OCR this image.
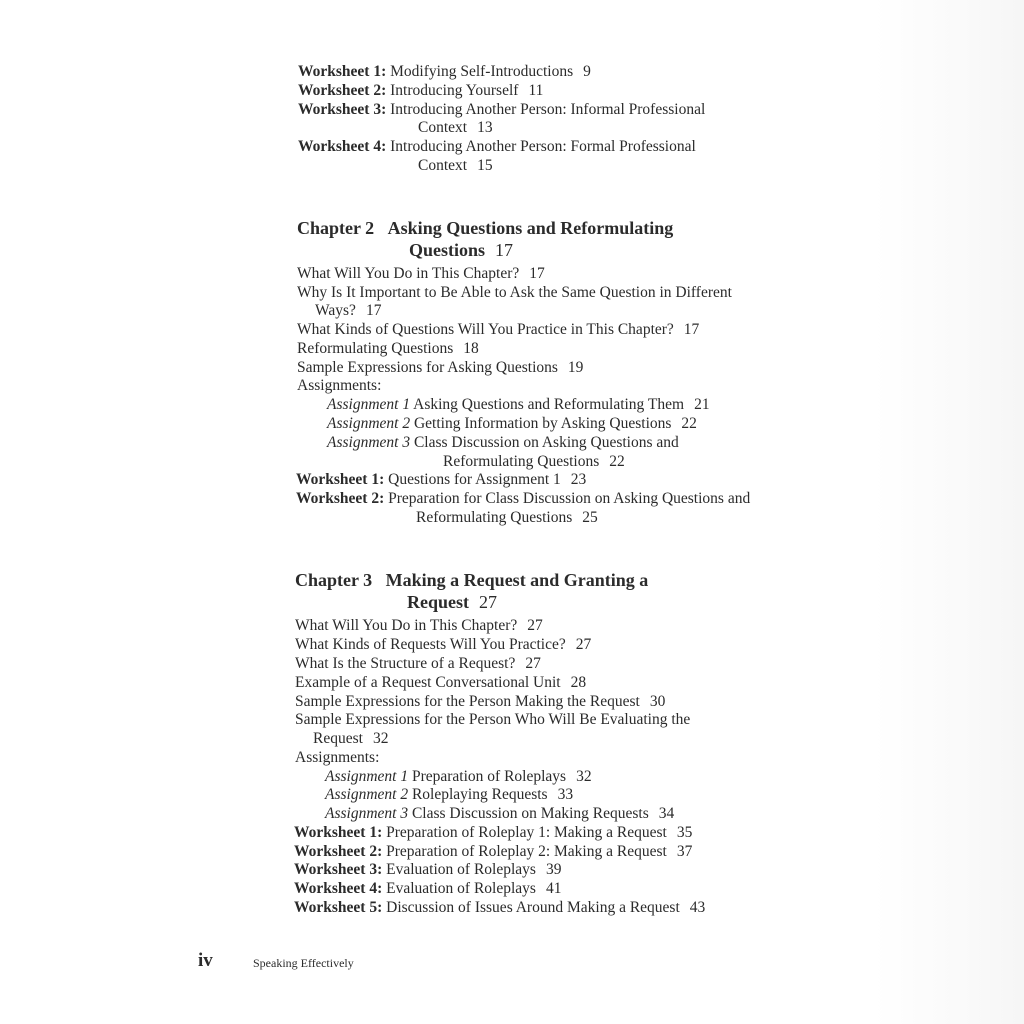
Worksheet 1: Modifying Self-Introductions 9
Worksheet 2: Introducing Yourself 11
Worksheet 3: Introducing Another Person: Informal Professional
Context 13
Worksheet 4: Introducing Another Person: Formal Professional
Context 15
Chapter 2 Asking Questions and Reformulating
Questions 17
What Will You Do in This Chapter? 17
Why Is It Important to Be Able to Ask the Same Question in Different
Ways? 17
What Kinds of Questions Will You Practice in This Chapter? 17
Reformulating Questions 18
Sample Expressions for Asking Questions 19
Assignments:
Assignment 1 Asking Questions and Reformulating Them 21
Assignment 2 Getting Information by Asking Questions 22
Assignment 3 Class Discussion on Asking Questions and
Reformulating Questions 22
Worksheet 1: Questions for Assignment 1 23
Worksheet 2: Preparation for Class Discussion on Asking Questions and
Reformulating Questions 25
Chapter 3 Making a Request and Granting a
Request 27
What Will You Do in This Chapter? 27
What Kinds of Requests Will You Practice? 27
What Is the Structure of a Request? 27
Example of a Request Conversational Unit 28
Sample Expressions for the Person Making the Request 30
Sample Expressions for the Person Who Will Be Evaluating the
Request 32
Assignments:
Assignment 1 Preparation of Roleplays 32
Assignment 2 Roleplaying Requests 33
Assignment 3 Class Discussion on Making Requests 34
Worksheet 1: Preparation of Roleplay 1: Making a Request 35
Worksheet 2: Preparation of Roleplay 2: Making a Request 37
Worksheet 3: Evaluation of Roleplays 39
Worksheet 4: Evaluation of Roleplays 41
Worksheet 5: Discussion of Issues Around Making a Request 43
iv	Speaking Effectively
